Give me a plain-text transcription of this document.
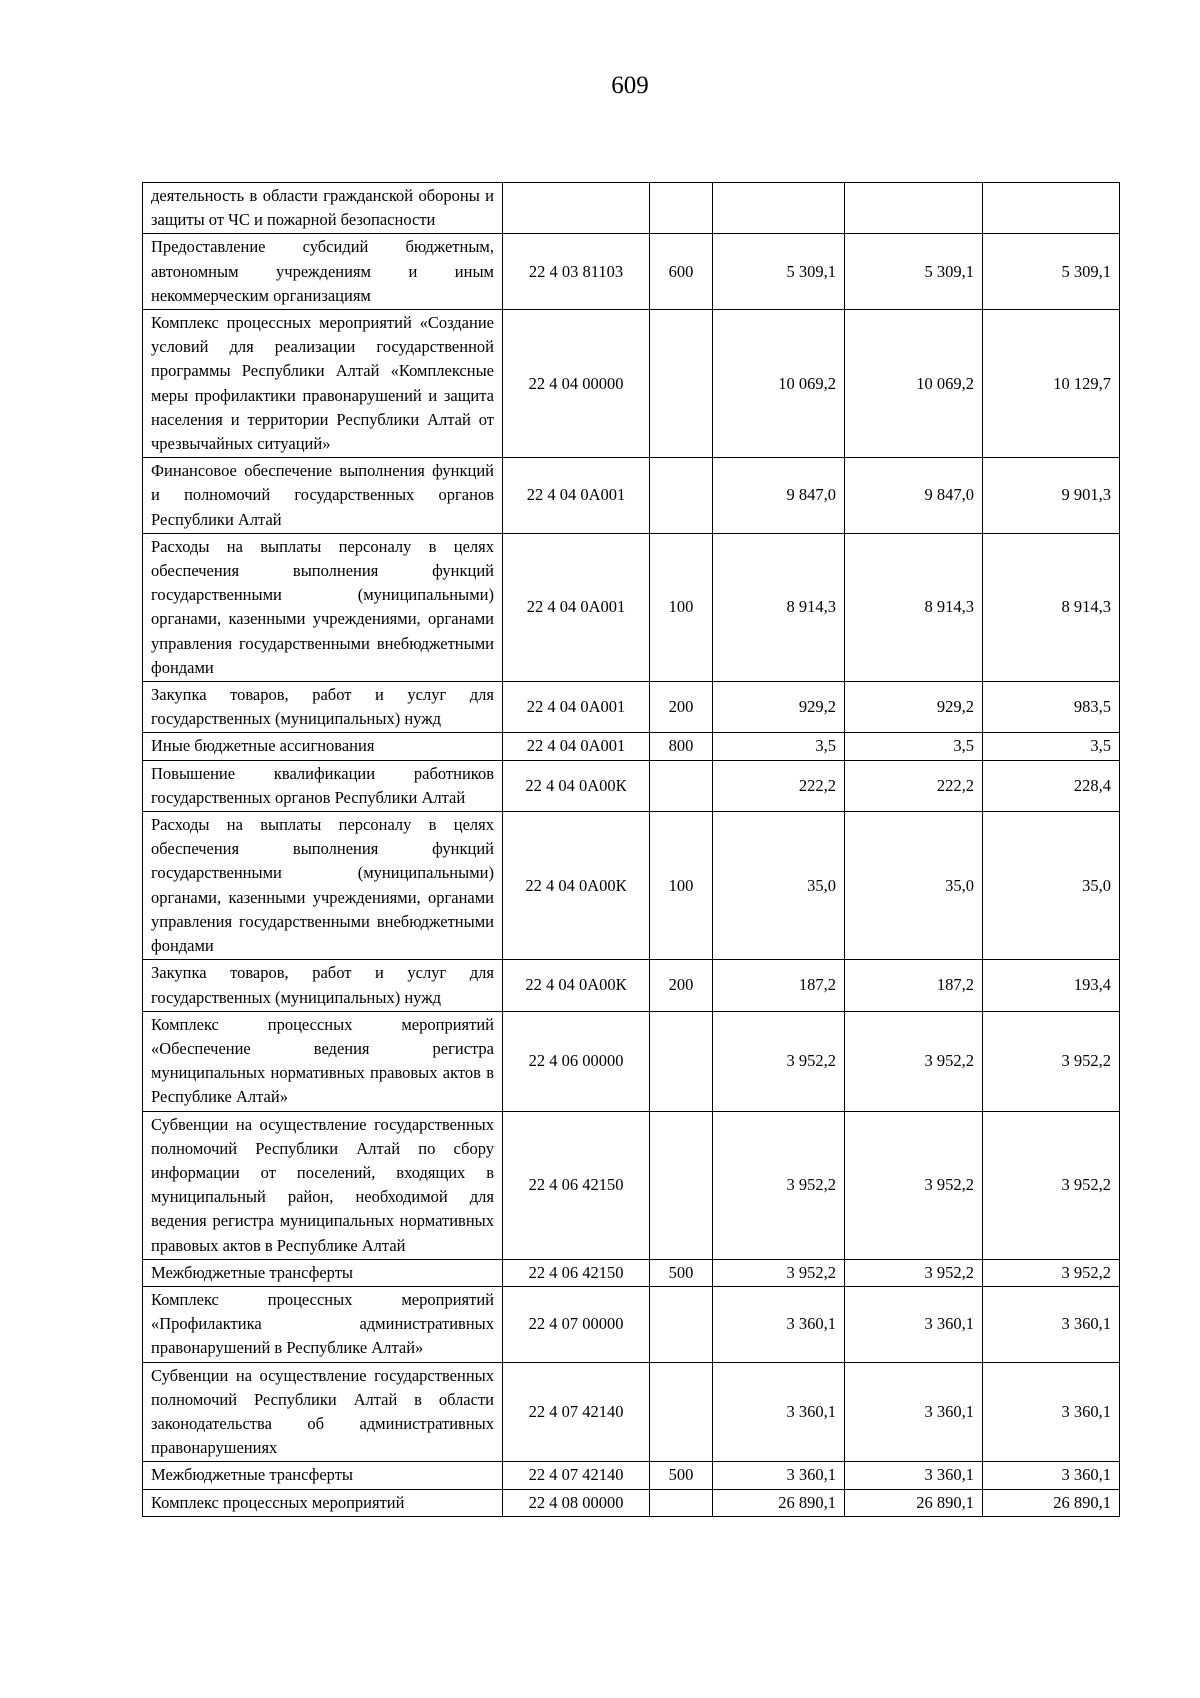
609
деятельность в области гражданской обороны и защиты от ЧС и пожарной безопасности					
Предоставление субсидий бюджетным, автономным учреждениям и иным некоммерческим организациям	22 4 03 81103	600	5 309,1	5 309,1	5 309,1
Комплекс процессных мероприятий «Создание условий для реализации государственной программы Республики Алтай «Комплексные меры профилактики правонарушений и защита населения и территории Республики Алтай от чрезвычайных ситуаций»	22 4 04 00000		10 069,2	10 069,2	10 129,7
Финансовое обеспечение выполнения функций и полномочий государственных органов Республики Алтай	22 4 04 0А001		9 847,0	9 847,0	9 901,3
Расходы на выплаты персоналу в целях обеспечения выполнения функций государственными (муниципальными) органами, казенными учреждениями, органами управления государственными внебюджетными фондами	22 4 04 0А001	100	8 914,3	8 914,3	8 914,3
Закупка товаров, работ и услуг для государственных (муниципальных) нужд	22 4 04 0А001	200	929,2	929,2	983,5
Иные бюджетные ассигнования	22 4 04 0А001	800	3,5	3,5	3,5
Повышение квалификации работников государственных органов Республики Алтай	22 4 04 0А00К		222,2	222,2	228,4
Расходы на выплаты персоналу в целях обеспечения выполнения функций государственными (муниципальными) органами, казенными учреждениями, органами управления государственными внебюджетными фондами	22 4 04 0А00К	100	35,0	35,0	35,0
Закупка товаров, работ и услуг для государственных (муниципальных) нужд	22 4 04 0А00К	200	187,2	187,2	193,4
Комплекс процессных мероприятий «Обеспечение ведения регистра муниципальных нормативных правовых актов в Республике Алтай»	22 4 06 00000		3 952,2	3 952,2	3 952,2
Субвенции на осуществление государственных полномочий Республики Алтай по сбору информации от поселений, входящих в муниципальный район, необходимой для ведения регистра муниципальных нормативных правовых актов в Республике Алтай	22 4 06 42150		3 952,2	3 952,2	3 952,2
Межбюджетные трансферты	22 4 06 42150	500	3 952,2	3 952,2	3 952,2
Комплекс процессных мероприятий «Профилактика административных правонарушений в Республике Алтай»	22 4 07 00000		3 360,1	3 360,1	3 360,1
Субвенции на осуществление государственных полномочий Республики Алтай в области законодательства об административных правонарушениях	22 4 07 42140		3 360,1	3 360,1	3 360,1
Межбюджетные трансферты	22 4 07 42140	500	3 360,1	3 360,1	3 360,1
Комплекс процессных мероприятий	22 4 08 00000		26 890,1	26 890,1	26 890,1
